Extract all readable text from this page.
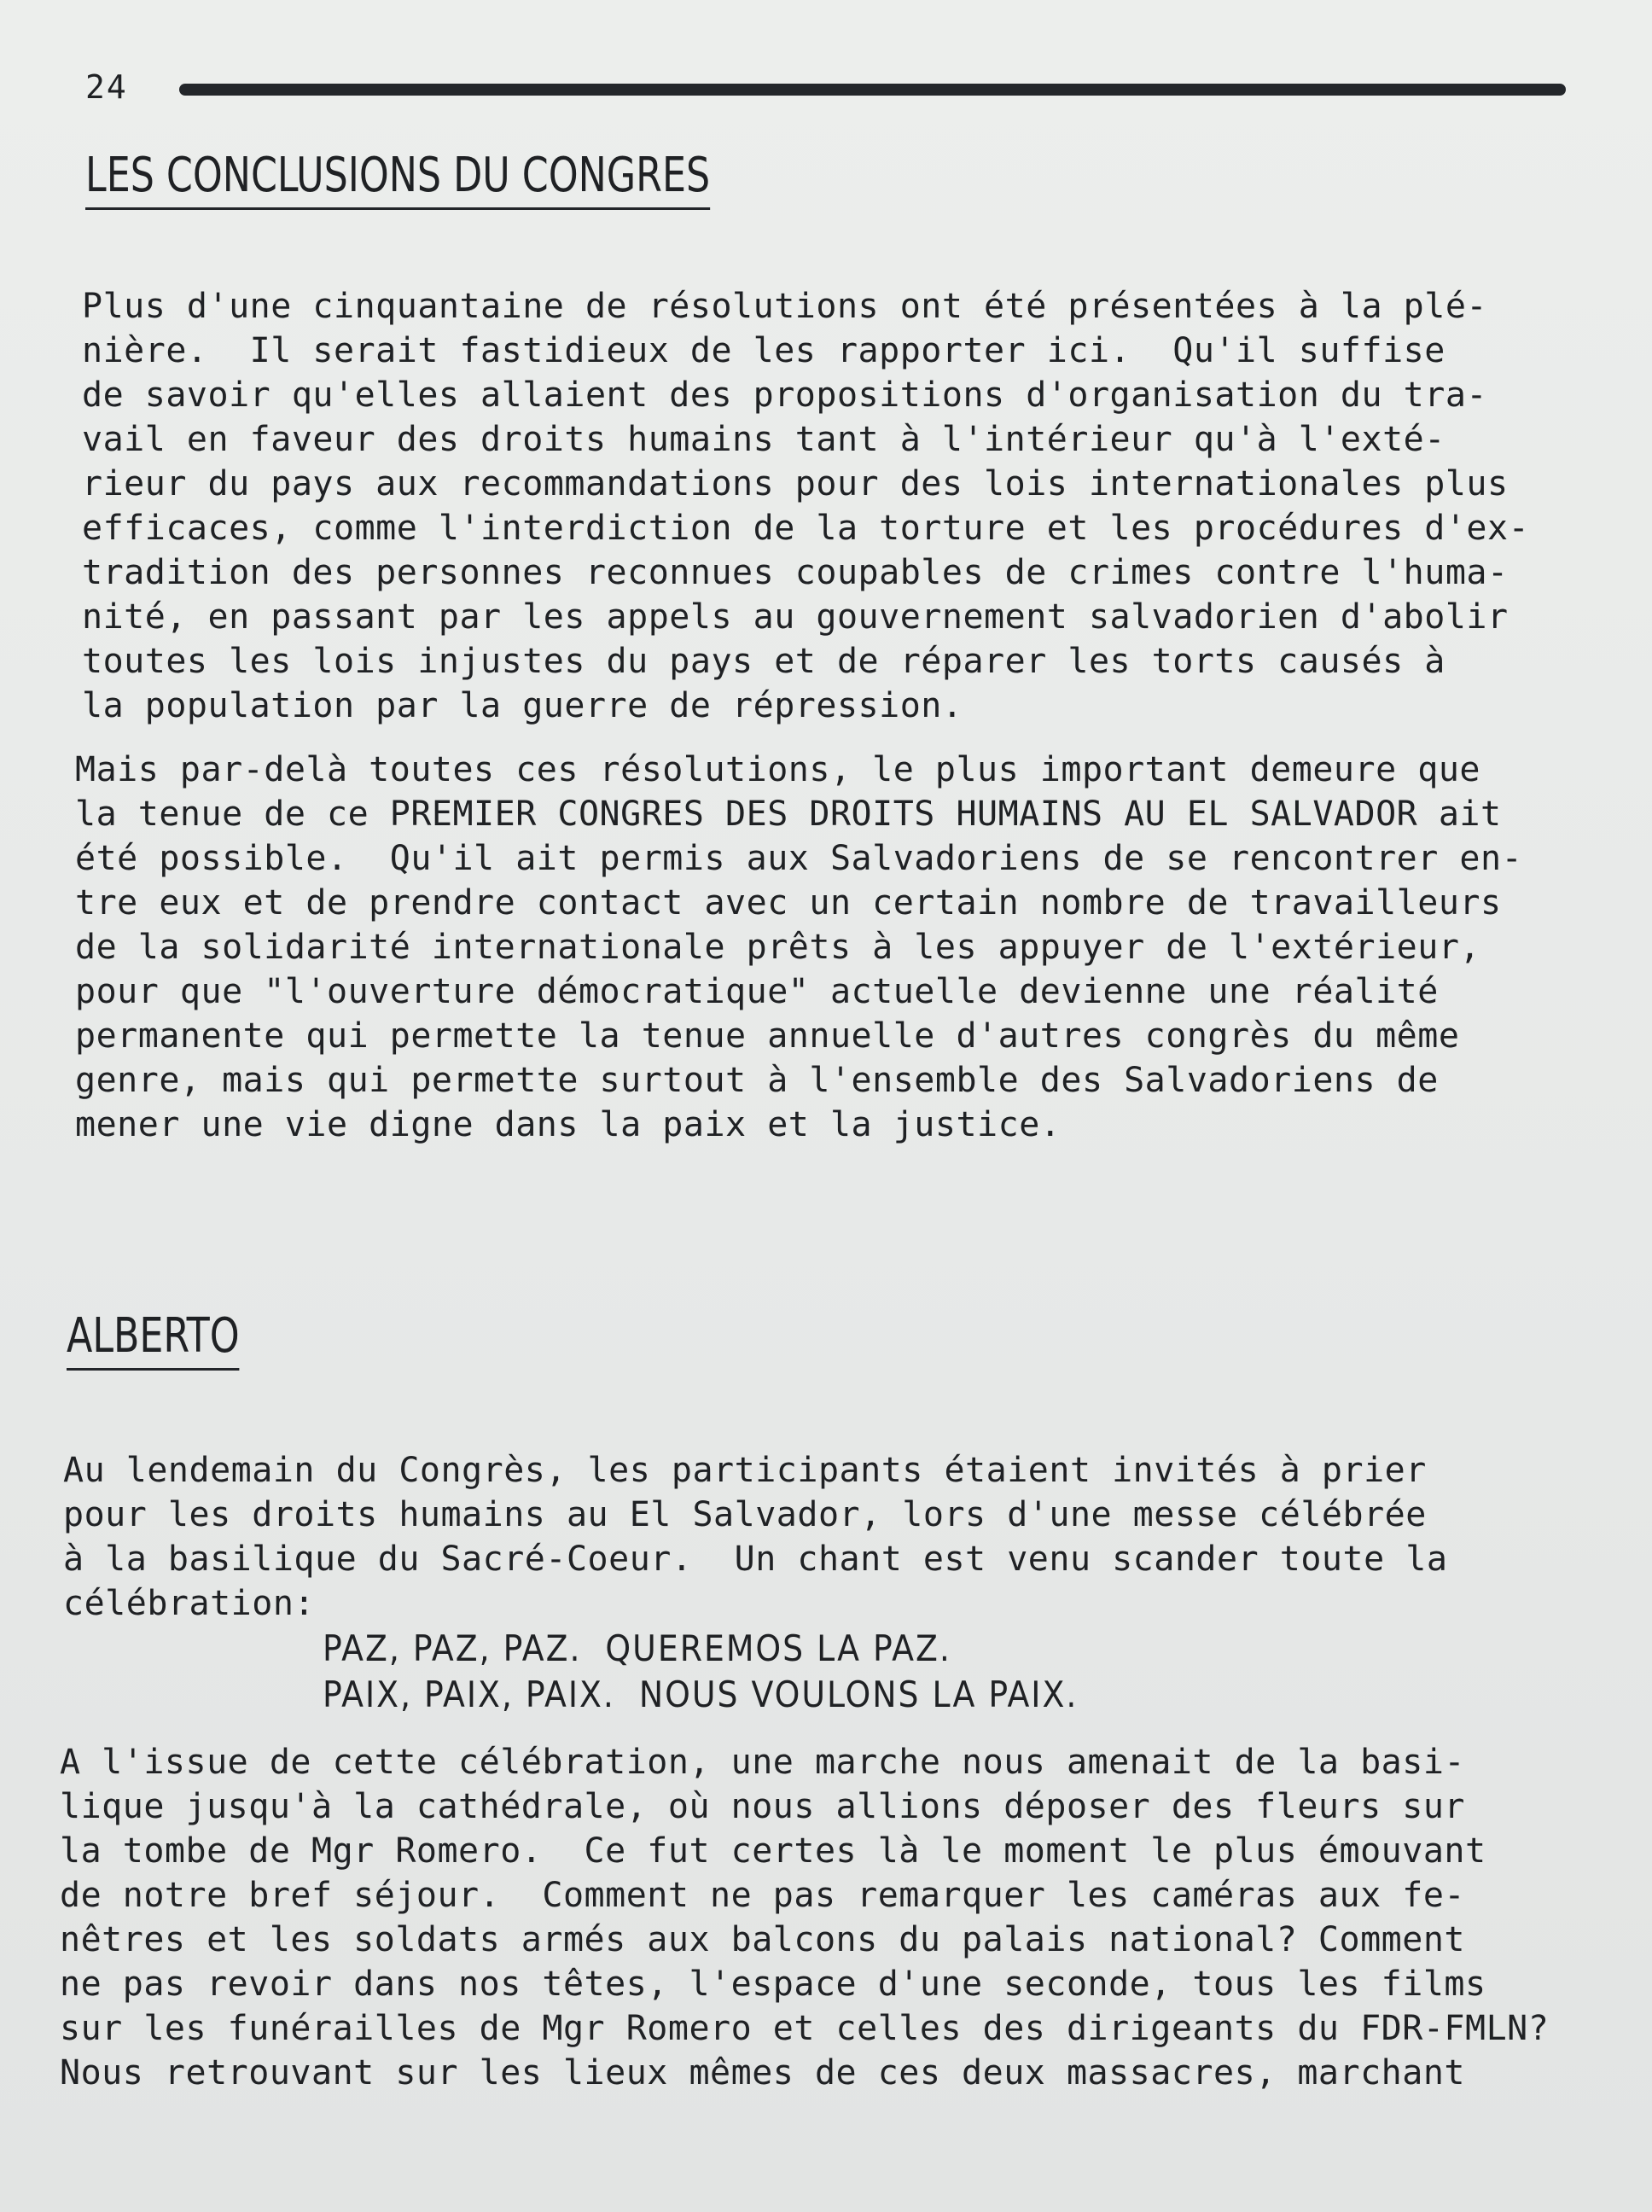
24
LES CONCLUSIONS DU CONGRES

Plus d'une cinquantaine de résolutions ont été présentées à la plé-
nière.  Il serait fastidieux de les rapporter ici.  Qu'il suffise
de savoir qu'elles allaient des propositions d'organisation du tra-
vail en faveur des droits humains tant à l'intérieur qu'à l'exté-
rieur du pays aux recommandations pour des lois internationales plus
efficaces, comme l'interdiction de la torture et les procédures d'ex-
tradition des personnes reconnues coupables de crimes contre l'huma-
nité, en passant par les appels au gouvernement salvadorien d'abolir
toutes les lois injustes du pays et de réparer les torts causés à
la population par la guerre de répression.

Mais par-delà toutes ces résolutions, le plus important demeure que
la tenue de ce PREMIER CONGRES DES DROITS HUMAINS AU EL SALVADOR ait
été possible.  Qu'il ait permis aux Salvadoriens de se rencontrer en-
tre eux et de prendre contact avec un certain nombre de travailleurs
de la solidarité internationale prêts à les appuyer de l'extérieur,
pour que "l'ouverture démocratique" actuelle devienne une réalité
permanente qui permette la tenue annuelle d'autres congrès du même
genre, mais qui permette surtout à l'ensemble des Salvadoriens de
mener une vie digne dans la paix et la justice.

ALBERTO

Au lendemain du Congrès, les participants étaient invités à prier
pour les droits humains au El Salvador, lors d'une messe célébrée
à la basilique du Sacré-Coeur.  Un chant est venu scander toute la
célébration:

PAZ, PAZ, PAZ.  QUEREMOS LA PAZ.
PAIX, PAIX, PAIX.  NOUS VOULONS LA PAIX.

A l'issue de cette célébration, une marche nous amenait de la basi-
lique jusqu'à la cathédrale, où nous allions déposer des fleurs sur
la tombe de Mgr Romero.  Ce fut certes là le moment le plus émouvant
de notre bref séjour.  Comment ne pas remarquer les caméras aux fe-
nêtres et les soldats armés aux balcons du palais national? Comment
ne pas revoir dans nos têtes, l'espace d'une seconde, tous les films
sur les funérailles de Mgr Romero et celles des dirigeants du FDR-FMLN?
Nous retrouvant sur les lieux mêmes de ces deux massacres, marchant
